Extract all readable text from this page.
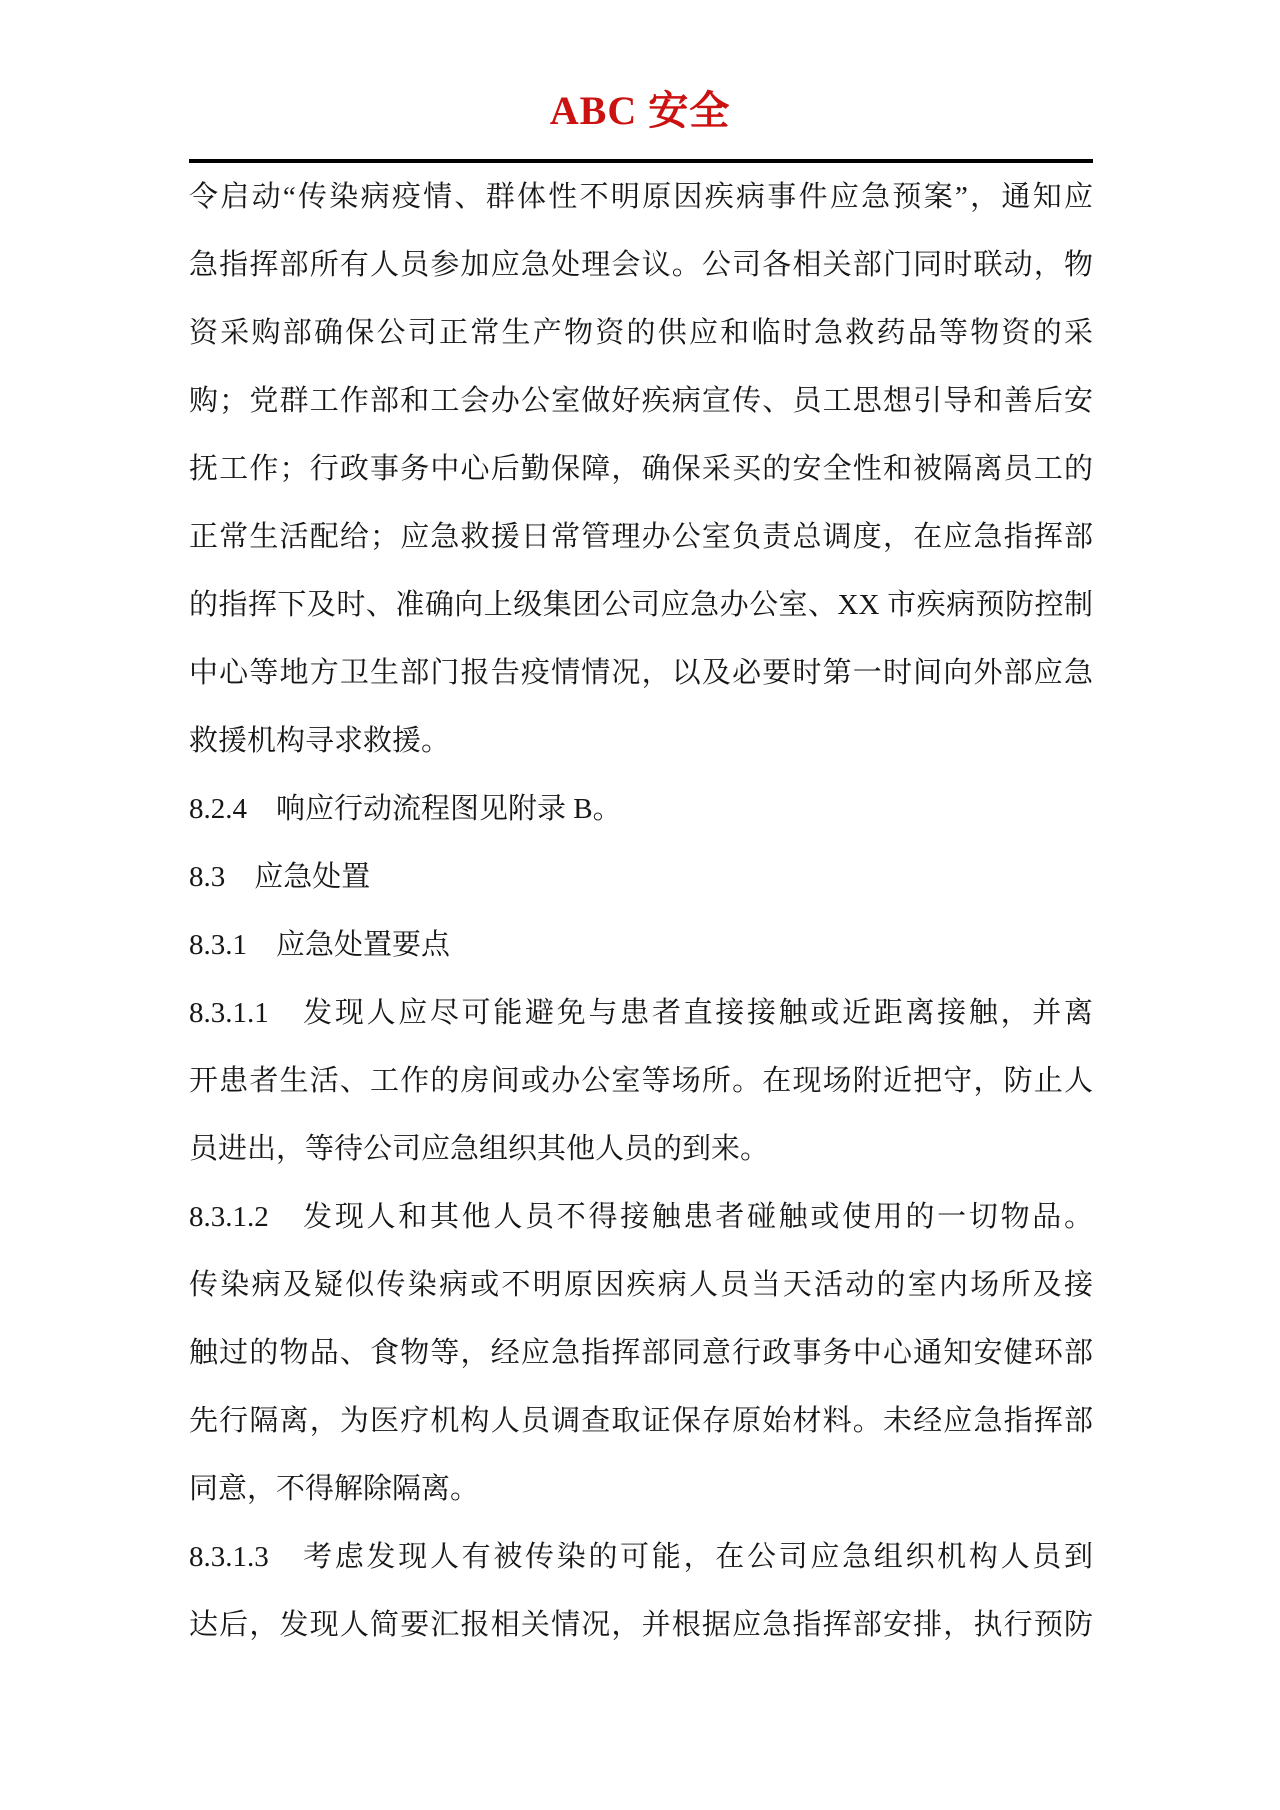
ABC 安全
令启动“传染病疫情、群体性不明原因疾病事件应急预案”，通知应
急指挥部所有人员参加应急处理会议。公司各相关部门同时联动，物
资采购部确保公司正常生产物资的供应和临时急救药品等物资的采
购；党群工作部和工会办公室做好疾病宣传、员工思想引导和善后安
抚工作；行政事务中心后勤保障，确保采买的安全性和被隔离员工的
正常生活配给；应急救援日常管理办公室负责总调度，在应急指挥部
的指挥下及时、准确向上级集团公司应急办公室、XX 市疾病预防控制
中心等地方卫生部门报告疫情情况，以及必要时第一时间向外部应急
救援机构寻求救援。
8.2.4　响应行动流程图见附录 B。
8.3　应急处置
8.3.1　应急处置要点
8.3.1.1　发现人应尽可能避免与患者直接接触或近距离接触，并离
开患者生活、工作的房间或办公室等场所。在现场附近把守，防止人
员进出，等待公司应急组织其他人员的到来。
8.3.1.2　发现人和其他人员不得接触患者碰触或使用的一切物品。
传染病及疑似传染病或不明原因疾病人员当天活动的室内场所及接
触过的物品、食物等，经应急指挥部同意行政事务中心通知安健环部
先行隔离，为医疗机构人员调查取证保存原始材料。未经应急指挥部
同意，不得解除隔离。
8.3.1.3　考虑发现人有被传染的可能，在公司应急组织机构人员到
达后，发现人简要汇报相关情况，并根据应急指挥部安排，执行预防
